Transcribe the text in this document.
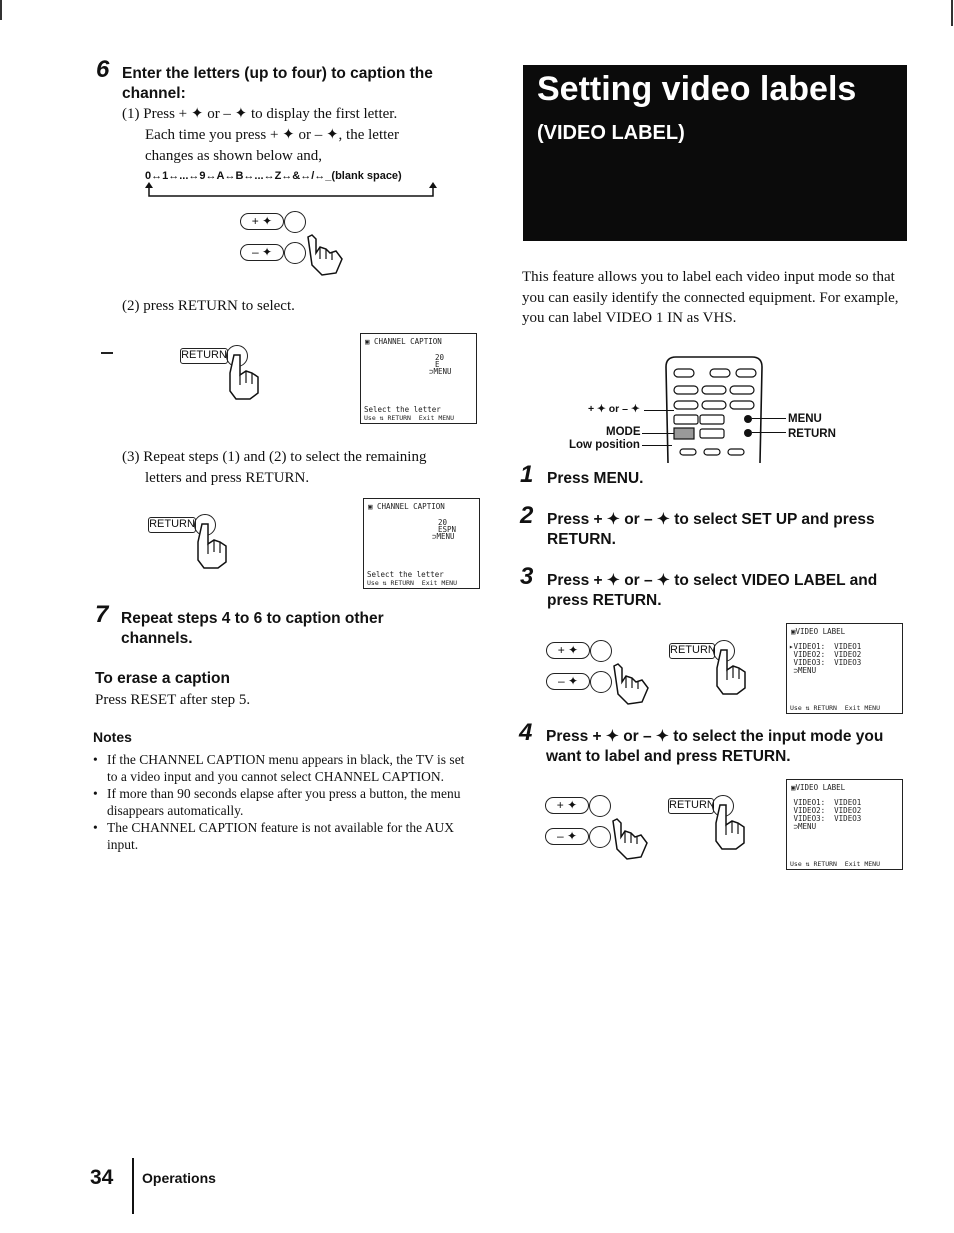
6 Enter the letters (up to four) to caption the channel:
(1) Press + ✦ or – ✦ to display the first letter.
Each time you press + ✦ or – ✦, the letter
changes as shown below and,
0↔1↔...↔9↔A↔B↔...↔Z↔&↔/↔_(blank space)
+ ✦
– ✦
(2) press RETURN to select.
RETURN
▣ CHANNEL CAPTION
20
E
⊃MENU
Select the letter
Use ⇅ RETURN  Exit MENU
(3) Repeat steps (1) and (2) to select the remaining
letters and press RETURN.
RETURN
▣ CHANNEL CAPTION
20
ESPN
⊃MENU
Select the letter
Use ⇅ RETURN  Exit MENU
7 Repeat steps 4 to 6 to caption other channels.
To erase a caption
Press RESET after step 5.
Notes
• If the CHANNEL CAPTION menu appears in black, the TV is set to a video input and you cannot select CHANNEL CAPTION.
• If more than 90 seconds elapse after you press a button, the menu disappears automatically.
• The CHANNEL CAPTION feature is not available for the AUX input.
Setting video labels
(VIDEO LABEL)
This feature allows you to label each video input mode so that you can easily identify the connected equipment. For example, you can label VIDEO 1 IN as VHS.
+ ✦ or – ✦
MODE
Low position
MENU
RETURN
1 Press MENU.
2 Press + ✦ or – ✦ to select SET UP and press RETURN.
3 Press + ✦ or – ✦ to select VIDEO LABEL and press RETURN.
+ ✦
– ✦
RETURN
▣VIDEO LABEL
▸VIDEO1:  VIDEO1
VIDEO2:  VIDEO2
VIDEO3:  VIDEO3
⊃MENU
Use ⇅ RETURN  Exit MENU
4 Press + ✦ or – ✦ to select the input mode you want to label and press RETURN.
+ ✦
– ✦
RETURN
▣VIDEO LABEL
VIDEO1:  VIDEO1
VIDEO2:  VIDEO2
VIDEO3:  VIDEO3
⊃MENU
Use ⇅ RETURN  Exit MENU
34 Operations
